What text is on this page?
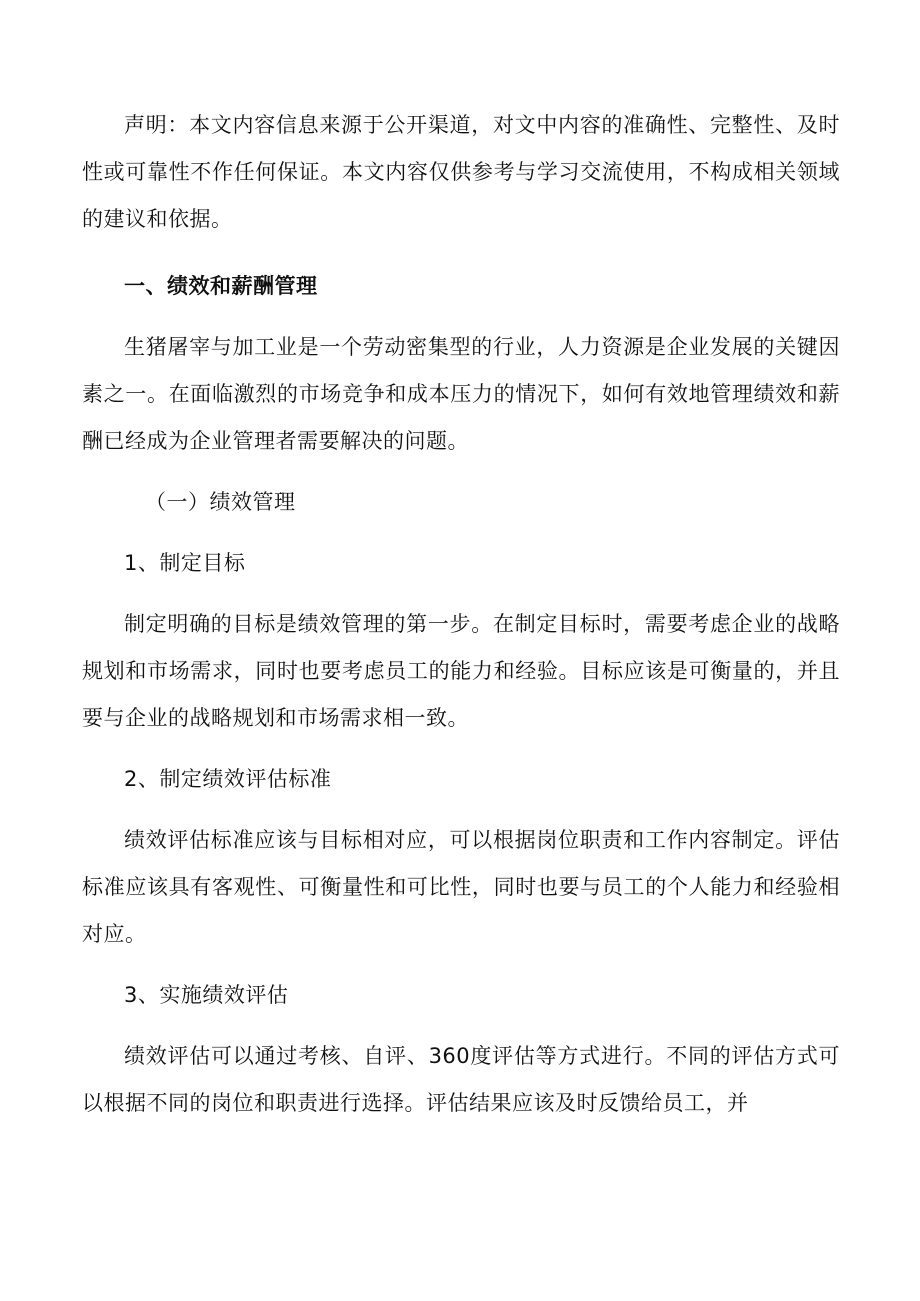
声明：本文内容信息来源于公开渠道，对文中内容的准确性、完整性、及时性或可靠性不作任何保证。本文内容仅供参考与学习交流使用，不构成相关领域的建议和依据。

一、绩效和薪酬管理

生猪屠宰与加工业是一个劳动密集型的行业，人力资源是企业发展的关键因素之一。在面临激烈的市场竞争和成本压力的情况下，如何有效地管理绩效和薪酬已经成为企业管理者需要解决的问题。

（一）绩效管理

1、制定目标

制定明确的目标是绩效管理的第一步。在制定目标时，需要考虑企业的战略规划和市场需求，同时也要考虑员工的能力和经验。目标应该是可衡量的，并且要与企业的战略规划和市场需求相一致。

2、制定绩效评估标准

绩效评估标准应该与目标相对应，可以根据岗位职责和工作内容制定。评估标准应该具有客观性、可衡量性和可比性，同时也要与员工的个人能力和经验相对应。

3、实施绩效评估

绩效评估可以通过考核、自评、360度评估等方式进行。不同的评估方式可以根据不同的岗位和职责进行选择。评估结果应该及时反馈给员工，并
